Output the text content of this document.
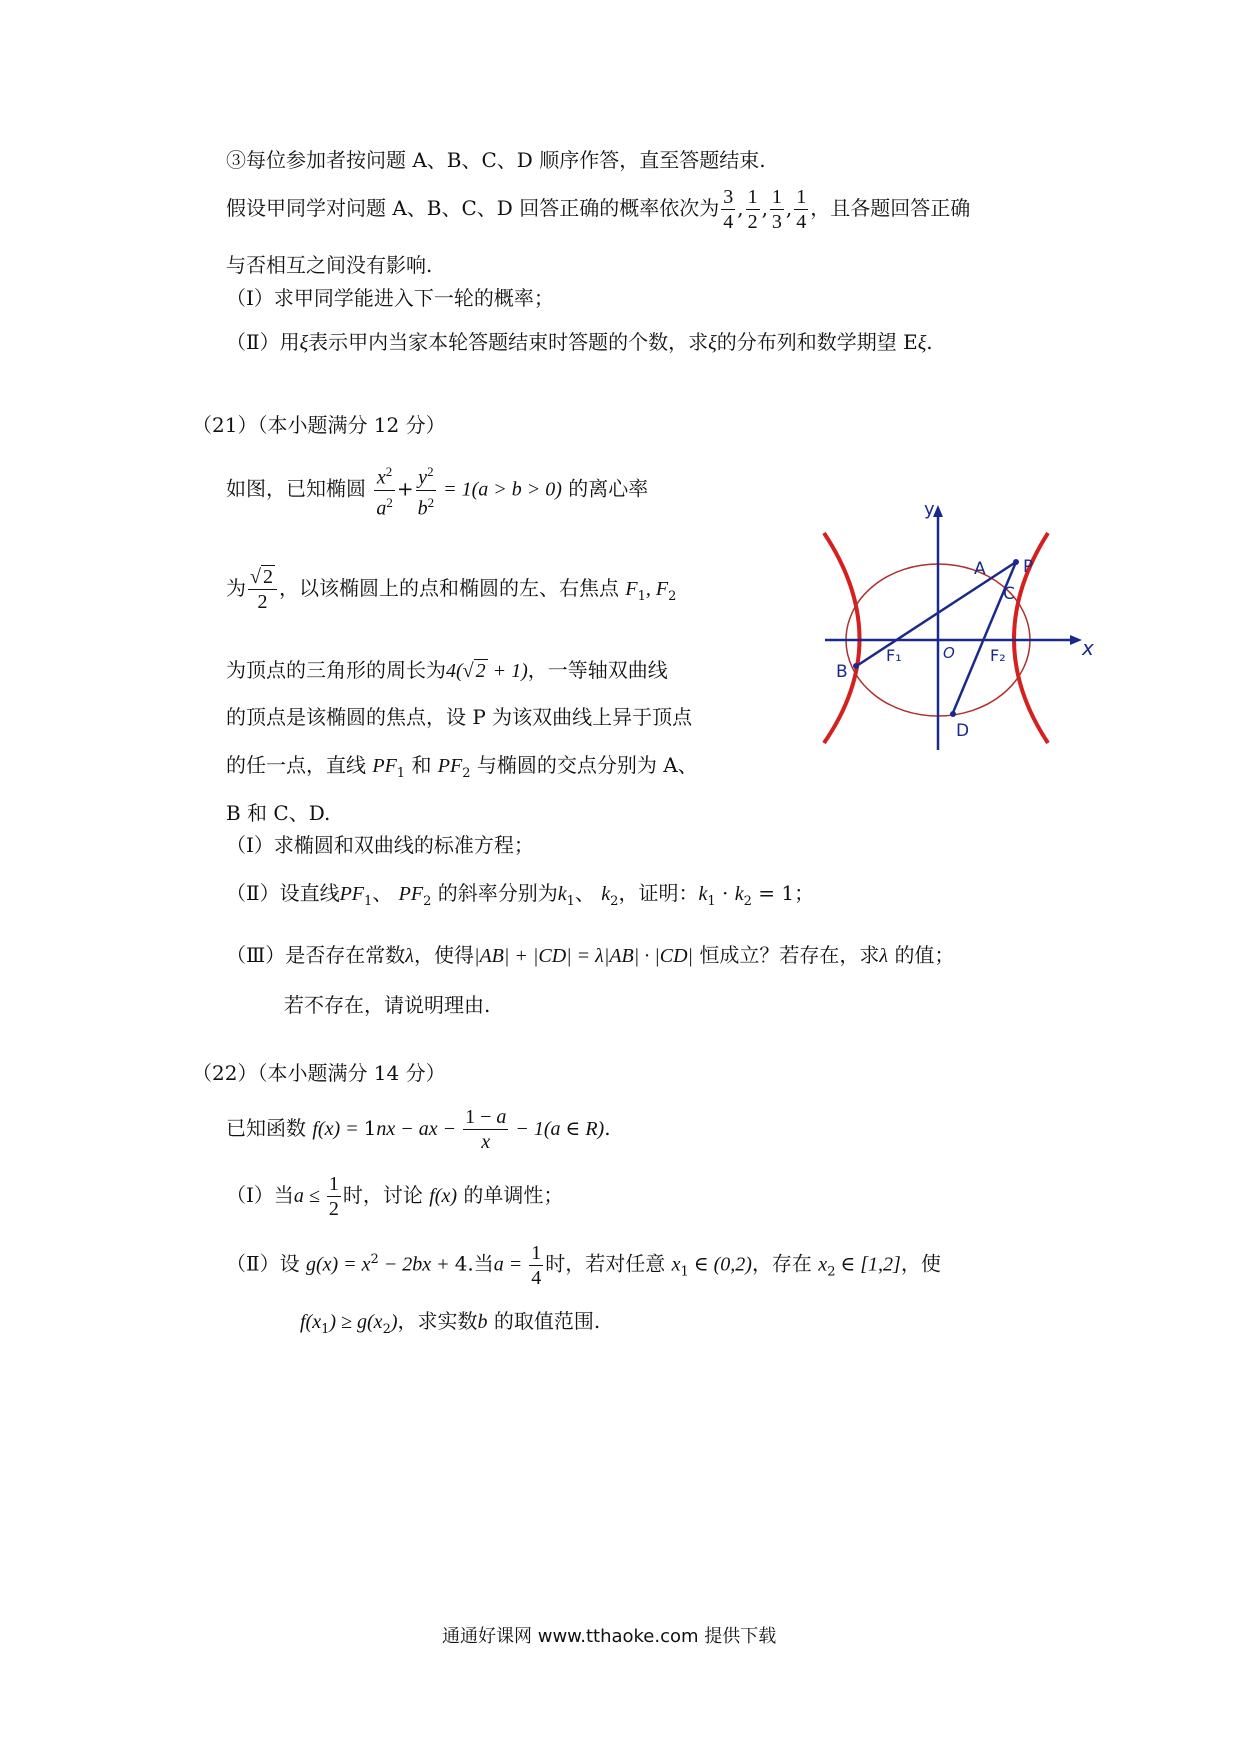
③每位参加者按问题 A、B、C、D 顺序作答，直至答题结束.
假设甲同学对问题 A、B、C、D 回答正确的概率依次为 $\frac{3}{4}$ , $\frac{1}{2}$ , $\frac{1}{3}$ , $\frac{1}{4}$ ，且各题回答正确
与否相互之间没有影响.
（Ⅰ）求甲同学能进入下一轮的概率；
（Ⅱ）用ξ表示甲内当家本轮答题结束时答题的个数，求ξ的分布列和数学期望 Eξ.
（21）（本小题满分 12 分）
如图，已知椭圆 $\frac{x^2}{a^2} + \frac{y^2}{b^2} = 1(a > b > 0)$ 的离心率
为 $\frac{√ 2}{2}$ ，以该椭圆上的点和椭圆的左、右焦点 $F_1$, $F_2$
为顶点的三角形的周长为4(√ 2 + 1)，一等轴双曲线
的顶点是该椭圆的焦点，设 P 为该双曲线上异于顶点
的任一点，直线 $PF_1$ 和 $PF_2$ 与椭圆的交点分别为 A、
B 和 C、D.
（Ⅰ）求椭圆和双曲线的标准方程；
（Ⅱ）设直线$PF_1$、 $PF_2$ 的斜率分别为$k_1$、 $k_2$，证明：$k_1 \cdot k_2 = 1$；
（Ⅲ）是否存在常数λ，使得|AB| + |CD| = λ|AB| · |CD| 恒成立？若存在，求λ 的值；
若不存在，请说明理由.
y
x
O
A P
C
B
F₁	F₂
D
（22）（本小题满分 14 分）
已知函数 f(x) = 1nx − ax − $\frac{1 - a}{x} - 1(a$ ∈ R).
（Ⅰ）当$a \le \frac{1}{2}$ 时，讨论 f(x) 的单调性；
（Ⅱ）设 $g(x) = x^2 - 2bx + 4$.当$a = \frac{1}{4}$ 时，若对任意 $x_1$ ∈ (0,2)，存在 $x_2$ ∈ [1,2]，使
$f(x_1) \ge g(x_2)$，求实数b 的取值范围.
通通好课网 www.tthaoke.com 提供下载
